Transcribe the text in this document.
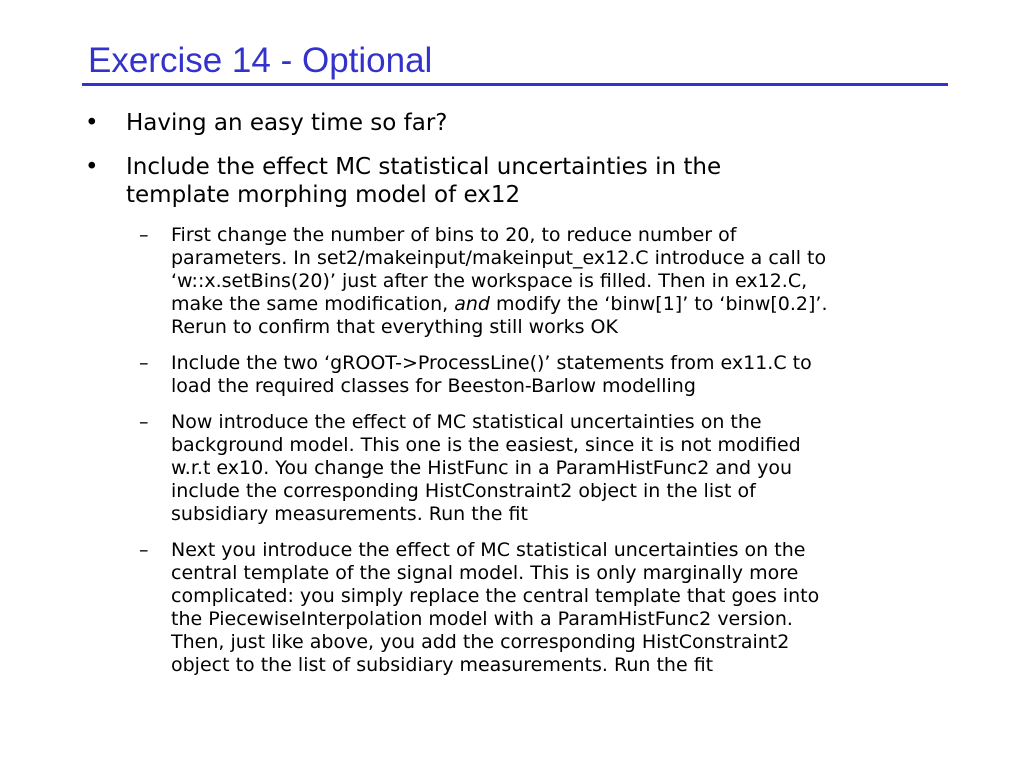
Exercise 14 - Optional
• Having an easy time so far?
• Include the effect MC statistical uncertainties in the
template morphing model of ex12
– First change the number of bins to 20, to reduce number of
parameters. In set2/makeinput/makeinput_ex12.C introduce a call to
‘w::x.setBins(20)’ just after the workspace is filled. Then in ex12.C,
make the same modification, and modify the ‘binw[1]’ to ‘binw[0.2]’.
Rerun to confirm that everything still works OK
– Include the two ‘gROOT->ProcessLine()’ statements from ex11.C to
load the required classes for Beeston-Barlow modelling
– Now introduce the effect of MC statistical uncertainties on the
background model. This one is the easiest, since it is not modified
w.r.t ex10. You change the HistFunc in a ParamHistFunc2 and you
include the corresponding HistConstraint2 object in the list of
subsidiary measurements. Run the fit
– Next you introduce the effect of MC statistical uncertainties on the
central template of the signal model. This is only marginally more
complicated: you simply replace the central template that goes into
the PiecewiseInterpolation model with a ParamHistFunc2 version.
Then, just like above, you add the corresponding HistConstraint2
object to the list of subsidiary measurements. Run the fit
